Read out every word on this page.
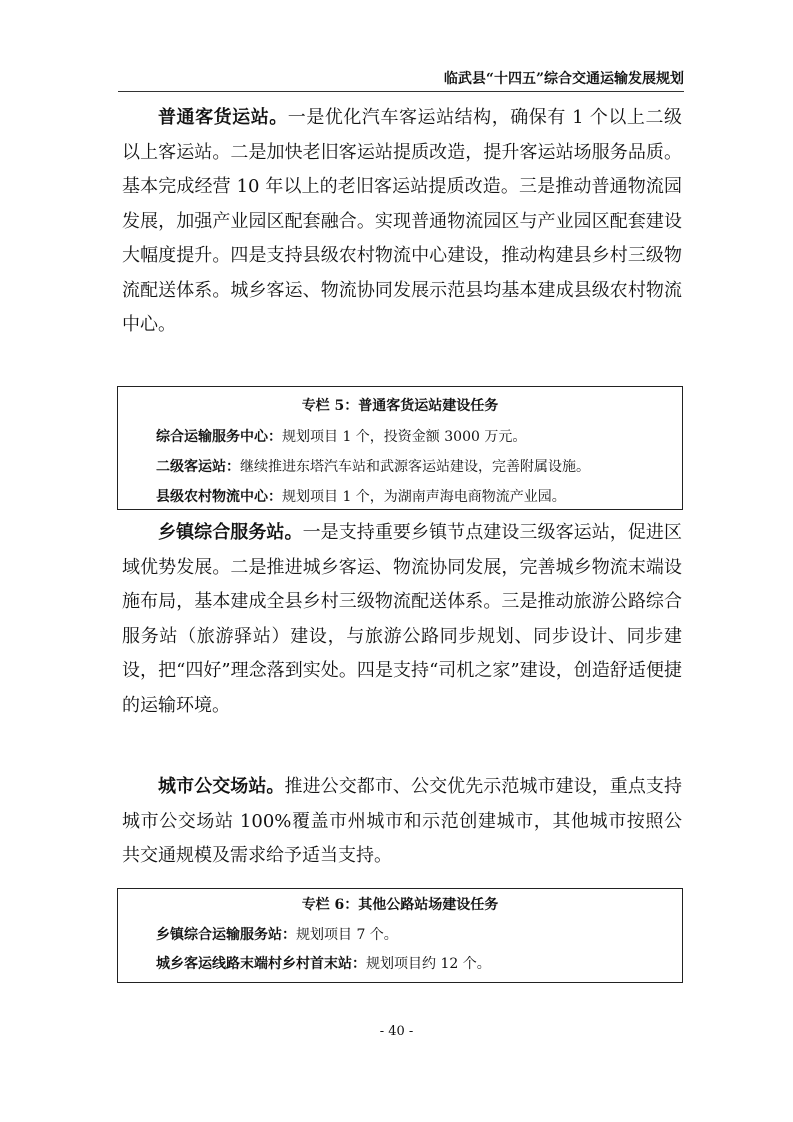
临武县“十四五”综合交通运输发展规划

普通客货运站。一是优化汽车客运站结构，确保有 1 个以上二级以上客运站。二是加快老旧客运站提质改造，提升客运站场服务品质。基本完成经营 10 年以上的老旧客运站提质改造。三是推动普通物流园发展，加强产业园区配套融合。实现普通物流园区与产业园区配套建设大幅度提升。四是支持县级农村物流中心建设，推动构建县乡村三级物流配送体系。城乡客运、物流协同发展示范县均基本建成县级农村物流中心。

专栏 5：普通客货运站建设任务
综合运输服务中心：规划项目 1 个，投资金额 3000 万元。
二级客运站：继续推进东塔汽车站和武源客运站建设，完善附属设施。
县级农村物流中心：规划项目 1 个，为湖南声海电商物流产业园。

乡镇综合服务站。一是支持重要乡镇节点建设三级客运站，促进区域优势发展。二是推进城乡客运、物流协同发展，完善城乡物流末端设施布局，基本建成全县乡村三级物流配送体系。三是推动旅游公路综合服务站（旅游驿站）建设，与旅游公路同步规划、同步设计、同步建设，把“四好”理念落到实处。四是支持“司机之家”建设，创造舒适便捷的运输环境。

城市公交场站。推进公交都市、公交优先示范城市建设，重点支持城市公交场站 100%覆盖市州城市和示范创建城市，其他城市按照公共交通规模及需求给予适当支持。

专栏 6：其他公路站场建设任务
乡镇综合运输服务站：规划项目 7 个。
城乡客运线路末端村乡村首末站：规划项目约 12 个。
- 40 -
